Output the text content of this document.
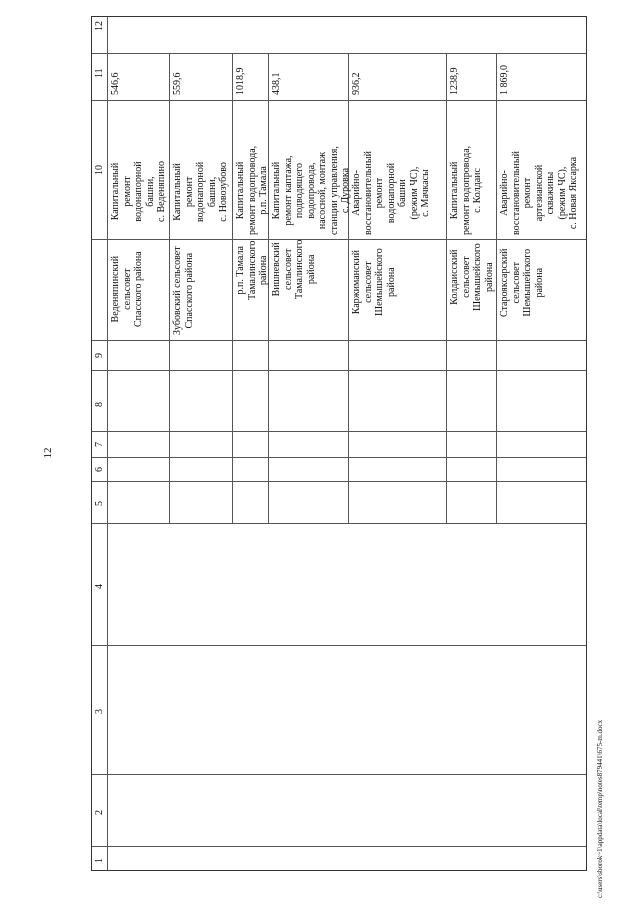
12
c:\users\sborok~1\appdata\local\temp\notes879441\675-m.docx
12
11
10
9
8
7
6
5
4
3
2
1
546,6
Капитальный
ремонт
водонапорной
башни,
с. Веденяпино
Веденяпинский
сельсовет
Спасского района
559,6
Капитальный
ремонт
водонапорной
башни,
с. Новозубово
Зубовский сельсовет
Спасского района
1018,9
Капитальный
ремонт водопровода,
р.п. Тамала
р.п. Тамала
Тамалинского
района
438,1
Капитальный
ремонт каптажа,
подводящего
водопровода,
насосной, монтаж
станции управления,
с. Дуровка
Вишневский
сельсовет
Тамалинского
района
936,2
Аварийно-
восстановительный
ремонт
водонапорной
башни
(режим ЧС),
с. Мачкасы
Каржиманский
сельсовет
Шемышейского
района
1238,9
Капитальный
ремонт водопровода,
с. Колдаис
Колдаисский
сельсовет
Шемышейского
района
1 869,0
Аварийно-
восстановительный
ремонт
артезианской
скважины
(режим ЧС),
с. Новая Яксарка
Старояксарский
сельсовет
Шемышейского
района
